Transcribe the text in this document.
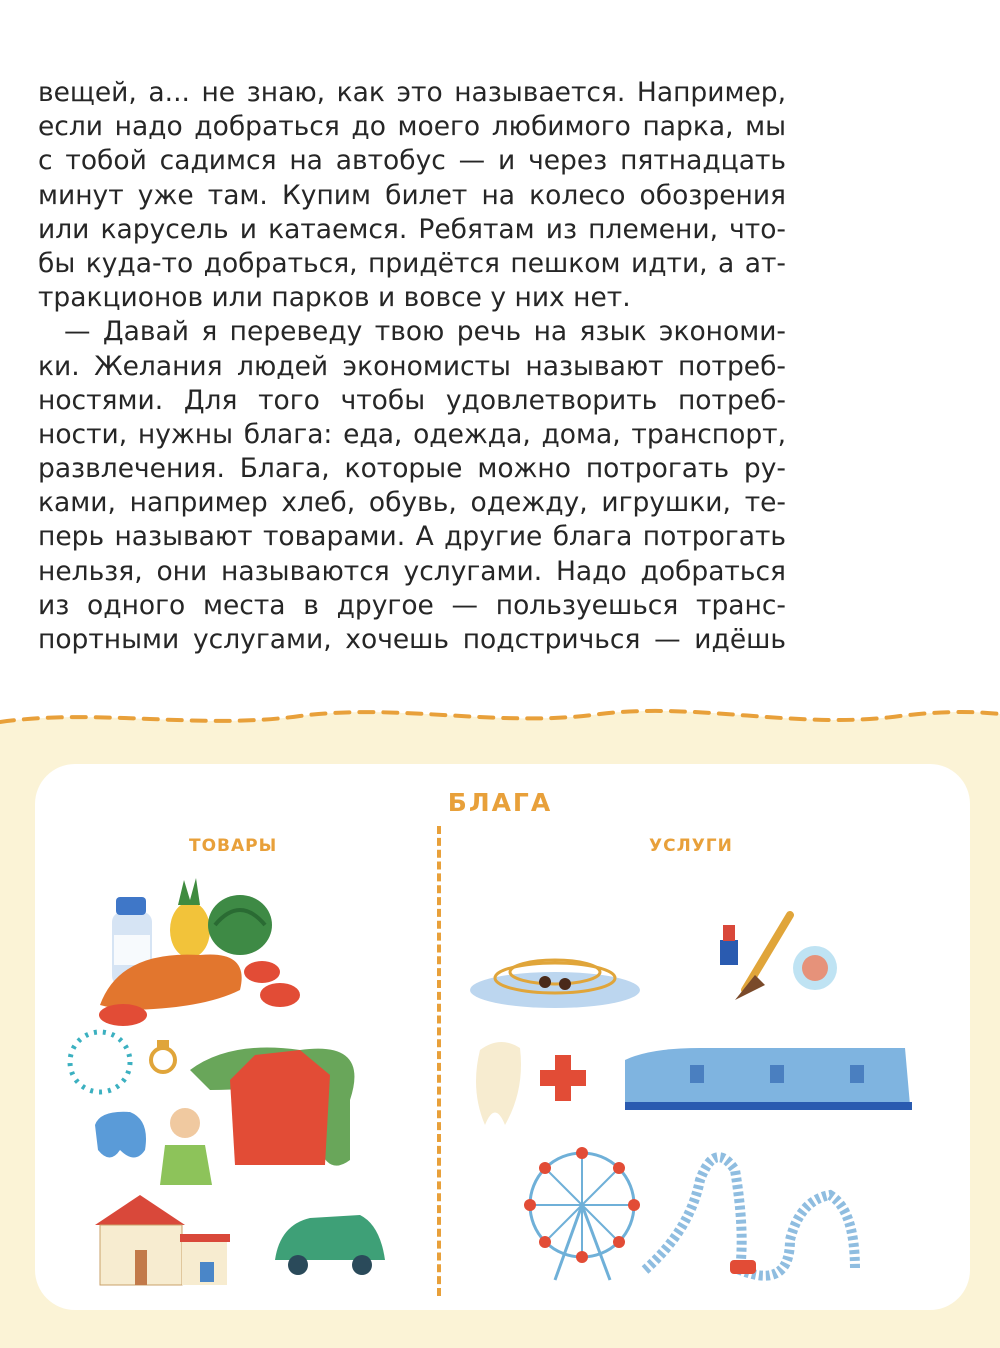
вещей, а... не знаю, как это называется. Например,
если надо добраться до моего любимого парка, мы
с тобой садимся на автобус — и через пятнадцать
минут уже там. Купим билет на колесо обозрения
или карусель и катаемся. Ребятам из племени, что-
бы куда-то добраться, придётся пешком идти, а ат-
тракционов или парков и вовсе у них нет.
— Давай я переведу твою речь на язык экономи-
ки. Желания людей экономисты называют потреб-
ностями. Для того чтобы удовлетворить потреб-
ности, нужны блага: еда, одежда, дома, транспорт,
развлечения. Блага, которые можно потрогать ру-
ками, например хлеб, обувь, одежду, игрушки, те-
перь называют товарами. А другие блага потрогать
нельзя, они называются услугами. Надо добраться
из одного места в другое — пользуешься транс-
портными услугами, хочешь подстричься — идёшь
БЛАГА
ТОВАРЫ	УСЛУГИ
